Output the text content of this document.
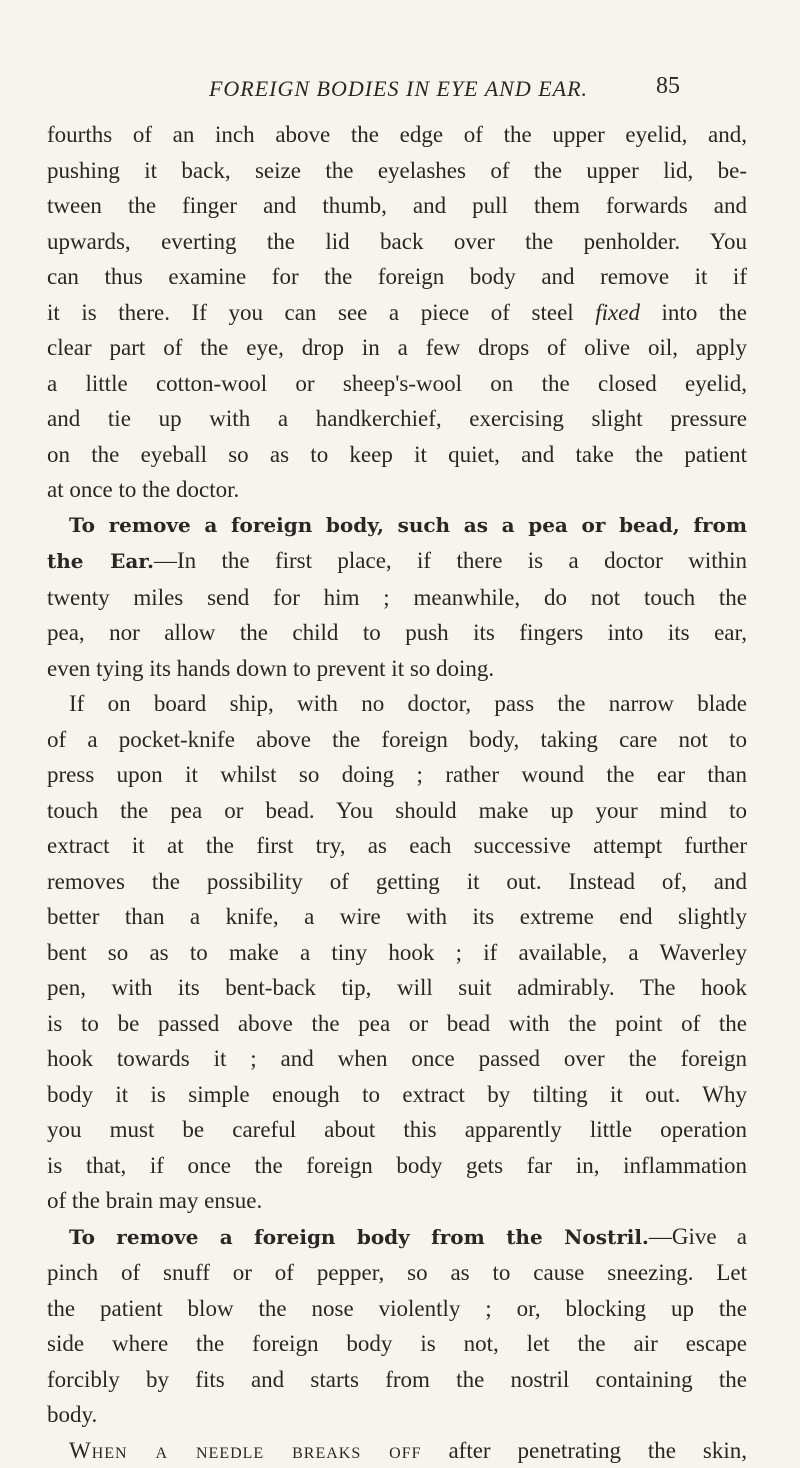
FOREIGN BODIES IN EYE AND EAR.	85
fourths of an inch above the edge of the upper eyelid, and,
pushing it back, seize the eyelashes of the upper lid, be-
tween the finger and thumb, and pull them forwards and
upwards, everting the lid back over the penholder. You
can thus examine for the foreign body and remove it if
it is there. If you can see a piece of steel fixed into the
clear part of the eye, drop in a few drops of olive oil, apply
a little cotton-wool or sheep's-wool on the closed eyelid,
and tie up with a handkerchief, exercising slight pressure
on the eyeball so as to keep it quiet, and take the patient
at once to the doctor.
To remove a foreign body, such as a pea or bead, from
the Ear.—In the first place, if there is a doctor within
twenty miles send for him ; meanwhile, do not touch the
pea, nor allow the child to push its fingers into its ear,
even tying its hands down to prevent it so doing.
If on board ship, with no doctor, pass the narrow blade
of a pocket-knife above the foreign body, taking care not to
press upon it whilst so doing ; rather wound the ear than
touch the pea or bead. You should make up your mind to
extract it at the first try, as each successive attempt further
removes the possibility of getting it out. Instead of, and
better than a knife, a wire with its extreme end slightly
bent so as to make a tiny hook ; if available, a Waverley
pen, with its bent-back tip, will suit admirably. The hook
is to be passed above the pea or bead with the point of the
hook towards it ; and when once passed over the foreign
body it is simple enough to extract by tilting it out. Why
you must be careful about this apparently little operation
is that, if once the foreign body gets far in, inflammation
of the brain may ensue.
To remove a foreign body from the Nostril.—Give a
pinch of snuff or of pepper, so as to cause sneezing. Let
the patient blow the nose violently ; or, blocking up the
side where the foreign body is not, let the air escape
forcibly by fits and starts from the nostril containing the
body.
When a needle breaks off after penetrating the skin,
